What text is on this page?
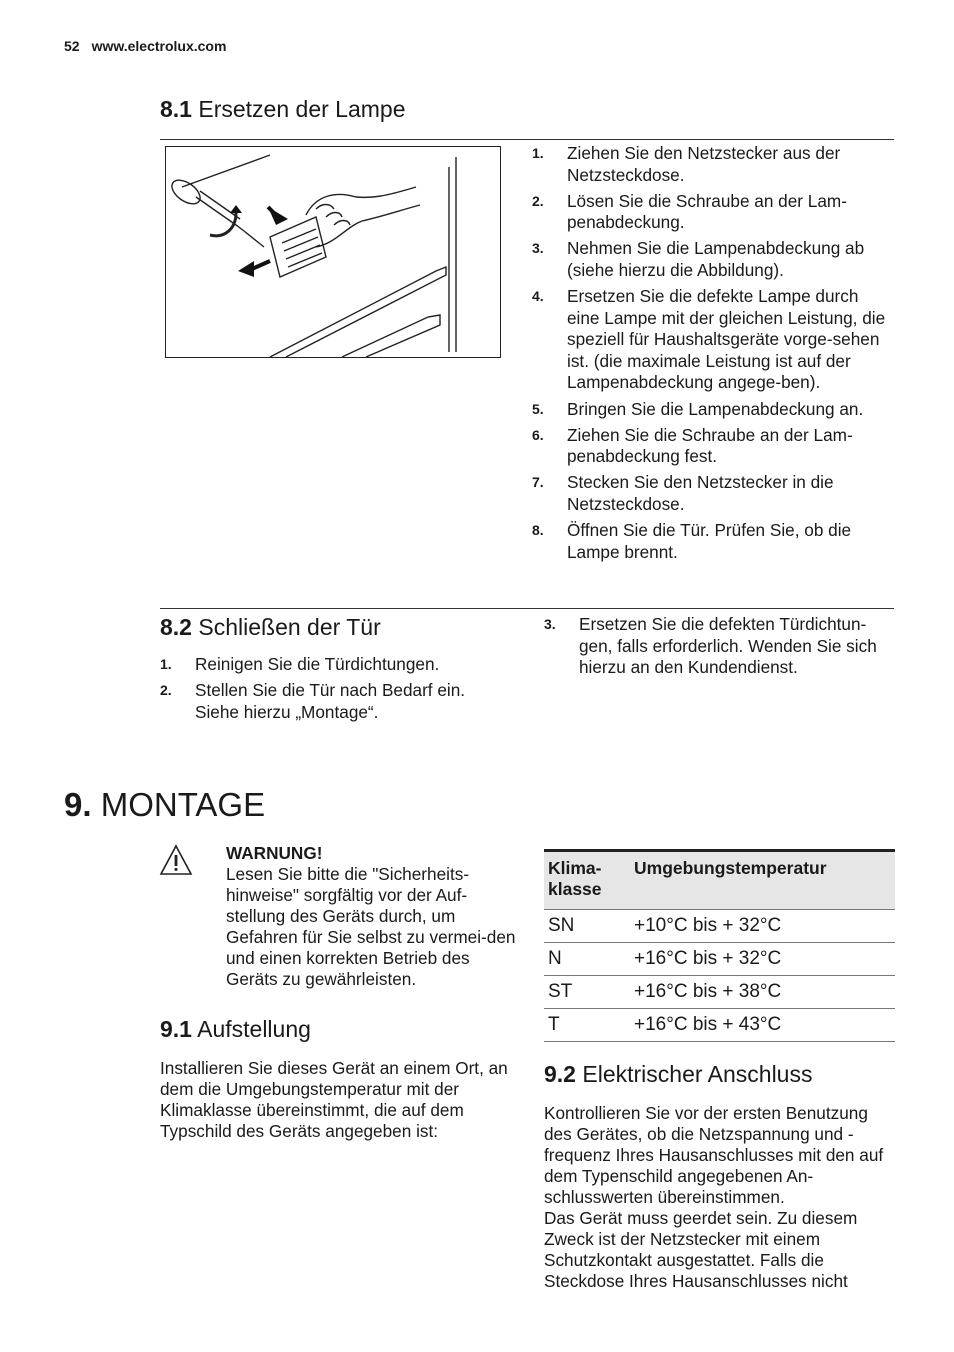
52 www.electrolux.com
8.1 Ersetzen der Lampe
1. Ziehen Sie den Netzstecker aus der Netzsteckdose.
2. Lösen Sie die Schraube an der Lam-penabdeckung.
3. Nehmen Sie die Lampenabdeckung ab (siehe hierzu die Abbildung).
4. Ersetzen Sie die defekte Lampe durch eine Lampe mit der gleichen Leistung, die speziell für Haushaltsgeräte vorge-sehen ist. (die maximale Leistung ist auf der Lampenabdeckung angege-ben).
5. Bringen Sie die Lampenabdeckung an.
6. Ziehen Sie die Schraube an der Lam-penabdeckung fest.
7. Stecken Sie den Netzstecker in die Netzsteckdose.
8. Öffnen Sie die Tür. Prüfen Sie, ob die Lampe brennt.
8.2 Schließen der Tür
1. Reinigen Sie die Türdichtungen.
2. Stellen Sie die Tür nach Bedarf ein. Siehe hierzu „Montage“.
3. Ersetzen Sie die defekten Türdichtun-gen, falls erforderlich. Wenden Sie sich hierzu an den Kundendienst.
9. MONTAGE
WARNUNG!
Lesen Sie bitte die "Sicherheits-hinweise" sorgfältig vor der Auf-stellung des Geräts durch, um Gefahren für Sie selbst zu vermei-den und einen korrekten Betrieb des Geräts zu gewährleisten.
9.1 Aufstellung
Installieren Sie dieses Gerät an einem Ort, an dem die Umgebungstemperatur mit der Klimaklasse übereinstimmt, die auf dem Typschild des Geräts angegeben ist:
Klima-klasse	Umgebungstemperatur
SN	+10°C bis + 32°C
N	+16°C bis + 32°C
ST	+16°C bis + 38°C
T	+16°C bis + 43°C
9.2 Elektrischer Anschluss
Kontrollieren Sie vor der ersten Benutzung des Gerätes, ob die Netzspannung und -frequenz Ihres Hausanschlusses mit den auf dem Typenschild angegebenen An-schlusswerten übereinstimmen.
Das Gerät muss geerdet sein. Zu diesem Zweck ist der Netzstecker mit einem Schutzkontakt ausgestattet. Falls die Steckdose Ihres Hausanschlusses nicht
